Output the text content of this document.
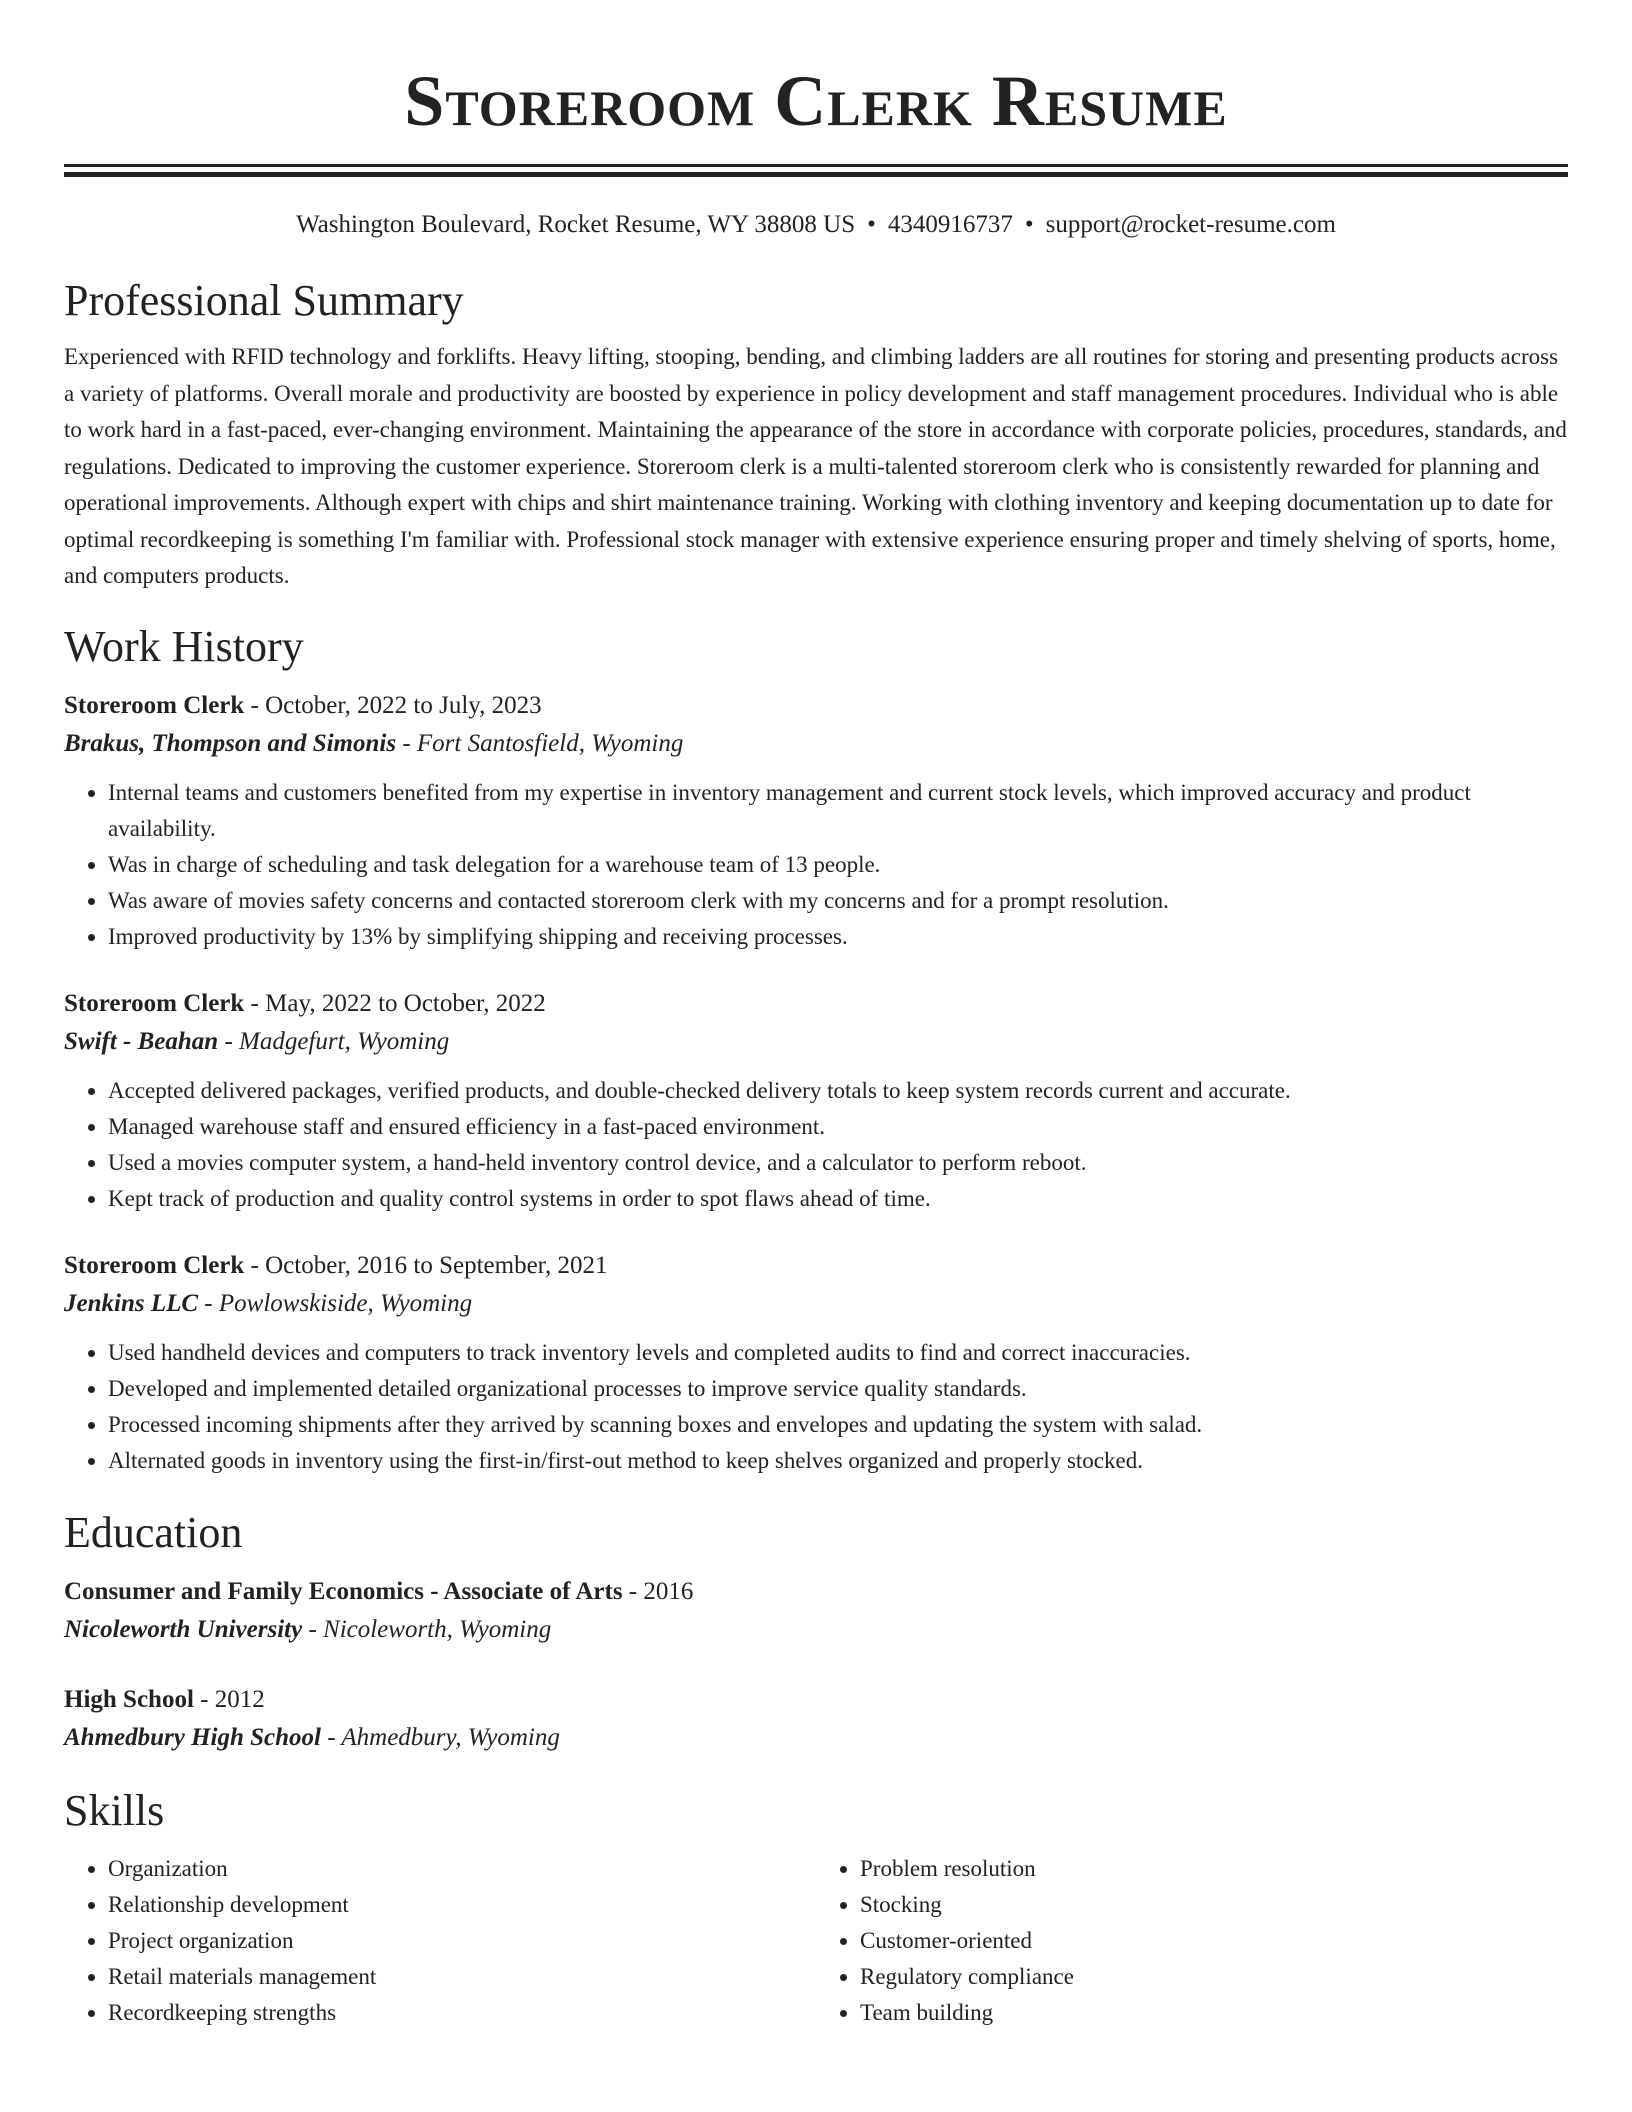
Storeroom Clerk Resume
Washington Boulevard, Rocket Resume, WY 38808 US • 4340916737 • support@rocket-resume.com
Professional Summary

Experienced with RFID technology and forklifts. Heavy lifting, stooping, bending, and climbing ladders are all routines for storing and presenting products across a variety of platforms. Overall morale and productivity are boosted by experience in policy development and staff management procedures. Individual who is able to work hard in a fast-paced, ever-changing environment. Maintaining the appearance of the store in accordance with corporate policies, procedures, standards, and regulations. Dedicated to improving the customer experience. Storeroom clerk is a multi-talented storeroom clerk who is consistently rewarded for planning and operational improvements. Although expert with chips and shirt maintenance training. Working with clothing inventory and keeping documentation up to date for optimal recordkeeping is something I'm familiar with. Professional stock manager with extensive experience ensuring proper and timely shelving of sports, home, and computers products.

Work History
Storeroom Clerk - October, 2022 to July, 2023
Brakus, Thompson and Simonis - Fort Santosfield, Wyoming
• Internal teams and customers benefited from my expertise in inventory management and current stock levels, which improved accuracy and product availability.
• Was in charge of scheduling and task delegation for a warehouse team of 13 people.
• Was aware of movies safety concerns and contacted storeroom clerk with my concerns and for a prompt resolution.
• Improved productivity by 13% by simplifying shipping and receiving processes.
Storeroom Clerk - May, 2022 to October, 2022
Swift - Beahan - Madgefurt, Wyoming
• Accepted delivered packages, verified products, and double-checked delivery totals to keep system records current and accurate.
• Managed warehouse staff and ensured efficiency in a fast-paced environment.
• Used a movies computer system, a hand-held inventory control device, and a calculator to perform reboot.
• Kept track of production and quality control systems in order to spot flaws ahead of time.
Storeroom Clerk - October, 2016 to September, 2021
Jenkins LLC - Powlowskiside, Wyoming
• Used handheld devices and computers to track inventory levels and completed audits to find and correct inaccuracies.
• Developed and implemented detailed organizational processes to improve service quality standards.
• Processed incoming shipments after they arrived by scanning boxes and envelopes and updating the system with salad.
• Alternated goods in inventory using the first-in/first-out method to keep shelves organized and properly stocked.
Education
Consumer and Family Economics - Associate of Arts - 2016
Nicoleworth University - Nicoleworth, Wyoming
High School - 2012
Ahmedbury High School - Ahmedbury, Wyoming
Skills
• Organization
• Relationship development
• Project organization
• Retail materials management
• Recordkeeping strengths
• Problem resolution
• Stocking
• Customer-oriented
• Regulatory compliance
• Team building
